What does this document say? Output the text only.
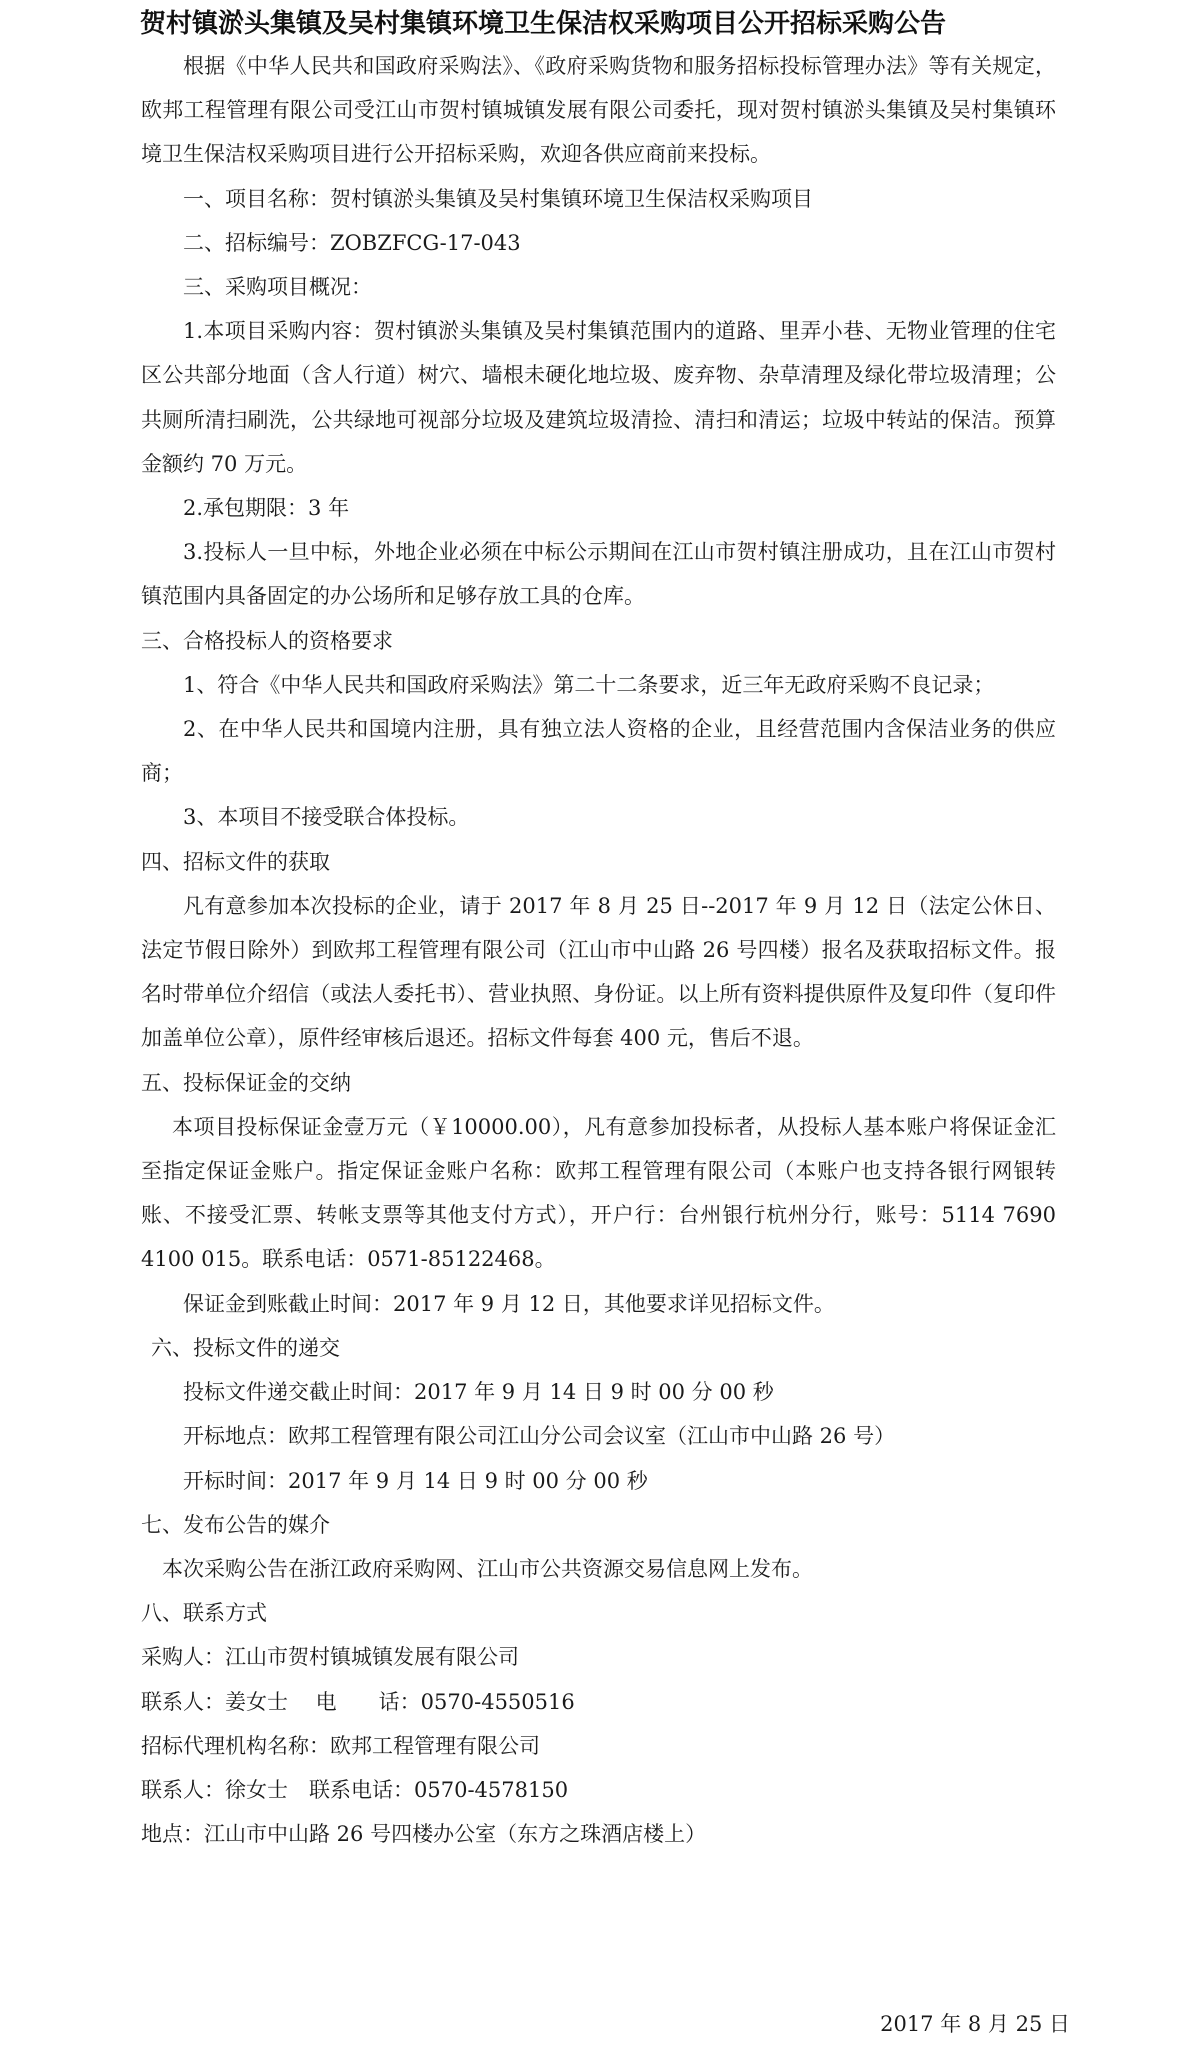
贺村镇淤头集镇及吴村集镇环境卫生保洁权采购项目公开招标采购公告

根据《中华人民共和国政府采购法》、《政府采购货物和服务招标投标管理办法》等有关规定，欧邦工程管理有限公司受江山市贺村镇城镇发展有限公司委托，现对贺村镇淤头集镇及吴村集镇环境卫生保洁权采购项目进行公开招标采购，欢迎各供应商前来投标。

一、项目名称：贺村镇淤头集镇及吴村集镇环境卫生保洁权采购项目

二、招标编号：ZOBZFCG-17-043

三、采购项目概况：

1.本项目采购内容：贺村镇淤头集镇及吴村集镇范围内的道路、里弄小巷、无物业管理的住宅区公共部分地面（含人行道）树穴、墙根未硬化地垃圾、废弃物、杂草清理及绿化带垃圾清理；公共厕所清扫刷洗，公共绿地可视部分垃圾及建筑垃圾清捡、清扫和清运；垃圾中转站的保洁。预算金额约 70 万元。

2.承包期限：3 年

3.投标人一旦中标，外地企业必须在中标公示期间在江山市贺村镇注册成功，且在江山市贺村镇范围内具备固定的办公场所和足够存放工具的仓库。

三、合格投标人的资格要求

1、符合《中华人民共和国政府采购法》第二十二条要求，近三年无政府采购不良记录；

2、在中华人民共和国境内注册，具有独立法人资格的企业，且经营范围内含保洁业务的供应商；

3、本项目不接受联合体投标。

四、招标文件的获取

凡有意参加本次投标的企业，请于 2017 年 8 月 25 日--2017 年 9 月 12 日（法定公休日、法定节假日除外）到欧邦工程管理有限公司（江山市中山路 26 号四楼）报名及获取招标文件。报名时带单位介绍信（或法人委托书）、营业执照、身份证。以上所有资料提供原件及复印件（复印件加盖单位公章），原件经审核后退还。招标文件每套 400 元，售后不退。

五、投标保证金的交纳

本项目投标保证金壹万元（￥10000.00），凡有意参加投标者，从投标人基本账户将保证金汇至指定保证金账户。指定保证金账户名称：欧邦工程管理有限公司（本账户也支持各银行网银转账、不接受汇票、转帐支票等其他支付方式），开户行：台州银行杭州分行，账号：5114 7690 4100 015。联系电话：0571-85122468。

保证金到账截止时间：2017 年 9 月 12 日，其他要求详见招标文件。

六、投标文件的递交

投标文件递交截止时间：2017 年 9 月 14 日 9 时 00 分 00 秒

开标地点：欧邦工程管理有限公司江山分公司会议室（江山市中山路 26 号）

开标时间：2017 年 9 月 14 日 9 时 00 分 00 秒

七、发布公告的媒介

本次采购公告在浙江政府采购网、江山市公共资源交易信息网上发布。

八、联系方式

采购人：江山市贺村镇城镇发展有限公司

联系人：姜女士　 电　　话：0570-4550516

招标代理机构名称：欧邦工程管理有限公司

联系人：徐女士　联系电话：0570-4578150

地点：江山市中山路 26 号四楼办公室（东方之珠酒店楼上）

2017 年 8 月 25 日
